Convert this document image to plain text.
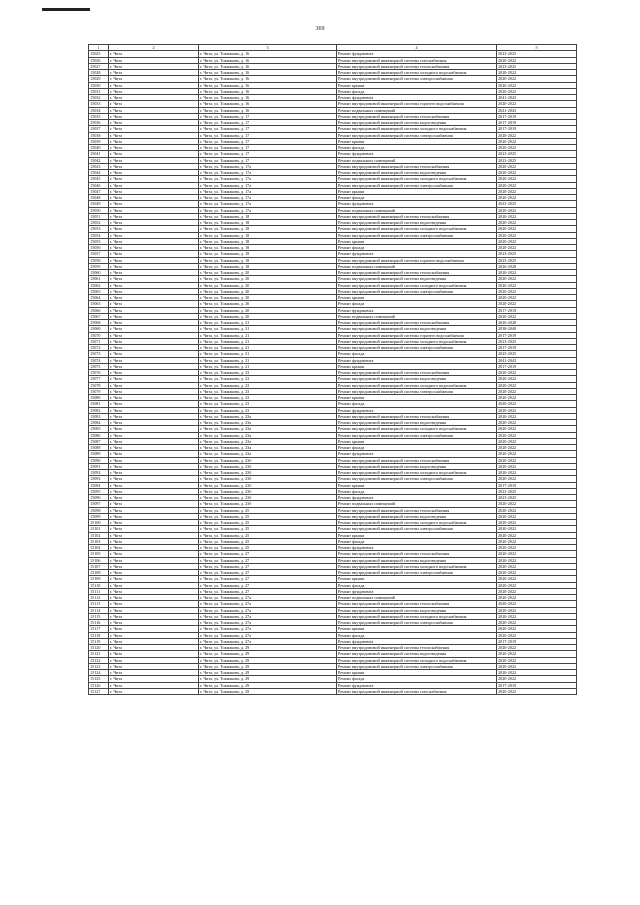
369
1	2	3	4	5
15025	г. Чита	г. Чита, ул. Токмакова, д. 16	Ремонт фундамента	2023-2025
15026	г. Чита	г. Чита, ул. Токмакова, д. 16	Ремонт внутридомовой инженерной системы газоснабжения	2020-2022
15027	г. Чита	г. Чита, ул. Токмакова, д. 16	Ремонт внутридомовой инженерной системы теплоснабжения	2023-2025
15028	г. Чита	г. Чита, ул. Токмакова, д. 16	Ремонт внутридомовой инженерной системы холодного водоснабжения	2020-2022
15029	г. Чита	г. Чита, ул. Токмакова, д. 16	Ремонт внутридомовой инженерной системы электроснабжения	2020-2022
15030	г. Чита	г. Чита, ул. Токмакова, д. 16	Ремонт крыши	2020-2022
15031	г. Чита	г. Чита, ул. Токмакова, д. 16	Ремонт фасада	2020-2022
15032	г. Чита	г. Чита, ул. Токмакова, д. 16	Ремонт фундамента	2041-2043
15033	г. Чита	г. Чита, ул. Токмакова, д. 16	Ремонт внутридомовой инженерной системы горячего водоснабжения	2020-2022
15034	г. Чита	г. Чита, ул. Токмакова, д. 16	Ремонт подвальных помещений	2041-2043
15035	г. Чита	г. Чита, ул. Токмакова, д. 17	Ремонт внутридомовой инженерной системы теплоснабжения	2017-2019
15036	г. Чита	г. Чита, ул. Токмакова, д. 17	Ремонт внутридомовой инженерной системы водоотведения	2017-2019
15037	г. Чита	г. Чита, ул. Токмакова, д. 17	Ремонт внутридомовой инженерной системы холодного водоснабжения	2017-2019
15038	г. Чита	г. Чита, ул. Токмакова, д. 17	Ремонт внутридомовой инженерной системы электроснабжения	2020-2022
15039	г. Чита	г. Чита, ул. Токмакова, д. 17	Ремонт крыши	2020-2022
15040	г. Чита	г. Чита, ул. Токмакова, д. 17	Ремонт фасада	2020-2022
15041	г. Чита	г. Чита, ул. Токмакова, д. 17	Ремонт фундамента	2023-2025
15042	г. Чита	г. Чита, ул. Токмакова, д. 17	Ремонт подвальных помещений	2023-2025
15043	г. Чита	г. Чита, ул. Токмакова, д. 17а	Ремонт внутридомовой инженерной системы теплоснабжения	2020-2022
15044	г. Чита	г. Чита, ул. Токмакова, д. 17а	Ремонт внутридомовой инженерной системы водоотведения	2020-2022
15045	г. Чита	г. Чита, ул. Токмакова, д. 17а	Ремонт внутридомовой инженерной системы холодного водоснабжения	2020-2022
15046	г. Чита	г. Чита, ул. Токмакова, д. 17а	Ремонт внутридомовой инженерной системы электроснабжения	2020-2022
15047	г. Чита	г. Чита, ул. Токмакова, д. 17а	Ремонт крыши	2020-2022
15048	г. Чита	г. Чита, ул. Токмакова, д. 17а	Ремонт фасада	2020-2022
15049	г. Чита	г. Чита, ул. Токмакова, д. 17а	Ремонт фундамента	2023-2025
15050	г. Чита	г. Чита, ул. Токмакова, д. 17а	Ремонт подвальных помещений	2020-2022
15051	г. Чита	г. Чита, ул. Токмакова, д. 18	Ремонт внутридомовой инженерной системы теплоснабжения	2020-2022
15052	г. Чита	г. Чита, ул. Токмакова, д. 18	Ремонт внутридомовой инженерной системы водоотведения	2020-2022
15053	г. Чита	г. Чита, ул. Токмакова, д. 18	Ремонт внутридомовой инженерной системы холодного водоснабжения	2020-2022
15054	г. Чита	г. Чита, ул. Токмакова, д. 18	Ремонт внутридомовой инженерной системы электроснабжения	2020-2022
15055	г. Чита	г. Чита, ул. Токмакова, д. 18	Ремонт крыши	2020-2022
15056	г. Чита	г. Чита, ул. Токмакова, д. 18	Ремонт фасада	2020-2022
15057	г. Чита	г. Чита, ул. Токмакова, д. 18	Ремонт фундамента	2023-2025
15058	г. Чита	г. Чита, ул. Токмакова, д. 18	Ремонт внутридомовой инженерной системы горячего водоснабжения	2023-2025
15059	г. Чита	г. Чита, ул. Токмакова, д. 18	Ремонт подвальных помещений	2026-2028
15060	г. Чита	г. Чита, ул. Токмакова, д. 20	Ремонт внутридомовой инженерной системы теплоснабжения	2020-2022
15061	г. Чита	г. Чита, ул. Токмакова, д. 20	Ремонт внутридомовой инженерной системы водоотведения	2020-2022
15062	г. Чита	г. Чита, ул. Токмакова, д. 20	Ремонт внутридомовой инженерной системы холодного водоснабжения	2020-2022
15063	г. Чита	г. Чита, ул. Токмакова, д. 20	Ремонт внутридомовой инженерной системы электроснабжения	2020-2022
15064	г. Чита	г. Чита, ул. Токмакова, д. 20	Ремонт крыши	2020-2022
15065	г. Чита	г. Чита, ул. Токмакова, д. 20	Ремонт фасада	2020-2022
15066	г. Чита	г. Чита, ул. Токмакова, д. 20	Ремонт фундамента	2017-2019
15067	г. Чита	г. Чита, ул. Токмакова, д. 20	Ремонт подвальных помещений	2020-2022
15068	г. Чита	г. Чита, ул. Токмакова, д. 21	Ремонт внутридомовой инженерной системы теплоснабжения	2026-2028
15069	г. Чита	г. Чита, ул. Токмакова, д. 21	Ремонт внутридомовой инженерной системы водоотведения	2038-2040
15070	г. Чита	г. Чита, ул. Токмакова, д. 21	Ремонт внутридомовой инженерной системы горячего водоснабжения	2017-2019
15071	г. Чита	г. Чита, ул. Токмакова, д. 21	Ремонт внутридомовой инженерной системы холодного водоснабжения	2023-2025
15072	г. Чита	г. Чита, ул. Токмакова, д. 21	Ремонт внутридомовой инженерной системы электроснабжения	2017-2019
15073	г. Чита	г. Чита, ул. Токмакова, д. 21	Ремонт фасада	2023-2025
15074	г. Чита	г. Чита, ул. Токмакова, д. 21	Ремонт фундамента	2041-2043
15075	г. Чита	г. Чита, ул. Токмакова, д. 21	Ремонт крыши	2017-2019
15076	г. Чита	г. Чита, ул. Токмакова, д. 23	Ремонт внутридомовой инженерной системы теплоснабжения	2020-2022
15077	г. Чита	г. Чита, ул. Токмакова, д. 23	Ремонт внутридомовой инженерной системы водоотведения	2020-2022
15078	г. Чита	г. Чита, ул. Токмакова, д. 23	Ремонт внутридомовой инженерной системы холодного водоснабжения	2020-2022
15079	г. Чита	г. Чита, ул. Токмакова, д. 23	Ремонт внутридомовой инженерной системы электроснабжения	2020-2022
15080	г. Чита	г. Чита, ул. Токмакова, д. 23	Ремонт крыши	2020-2022
15081	г. Чита	г. Чита, ул. Токмакова, д. 23	Ремонт фасада	2020-2022
15082	г. Чита	г. Чита, ул. Токмакова, д. 23	Ремонт фундамента	2020-2022
15083	г. Чита	г. Чита, ул. Токмакова, д. 23а	Ремонт внутридомовой инженерной системы теплоснабжения	2020-2022
15084	г. Чита	г. Чита, ул. Токмакова, д. 23а	Ремонт внутридомовой инженерной системы водоотведения	2020-2022
15085	г. Чита	г. Чита, ул. Токмакова, д. 23а	Ремонт внутридомовой инженерной системы холодного водоснабжения	2020-2022
15086	г. Чита	г. Чита, ул. Токмакова, д. 23а	Ремонт внутридомовой инженерной системы электроснабжения	2020-2022
15087	г. Чита	г. Чита, ул. Токмакова, д. 23а	Ремонт крыши	2020-2022
15088	г. Чита	г. Чита, ул. Токмакова, д. 23а	Ремонт фасада	2020-2022
15089	г. Чита	г. Чита, ул. Токмакова, д. 23а	Ремонт фундамента	2020-2022
15090	г. Чита	г. Чита, ул. Токмакова, д. 23б	Ремонт внутридомовой инженерной системы теплоснабжения	2020-2022
15091	г. Чита	г. Чита, ул. Токмакова, д. 23б	Ремонт внутридомовой инженерной системы водоотведения	2020-2022
15092	г. Чита	г. Чита, ул. Токмакова, д. 23б	Ремонт внутридомовой инженерной системы холодного водоснабжения	2020-2022
15093	г. Чита	г. Чита, ул. Токмакова, д. 23б	Ремонт внутридомовой инженерной системы электроснабжения	2020-2022
15094	г. Чита	г. Чита, ул. Токмакова, д. 23б	Ремонт крыши	2017-2019
15095	г. Чита	г. Чита, ул. Токмакова, д. 23б	Ремонт фасада	2023-2025
15096	г. Чита	г. Чита, ул. Токмакова, д. 23б	Ремонт фундамента	2023-2025
15097	г. Чита	г. Чита, ул. Токмакова, д. 23б	Ремонт подвальных помещений	2020-2022
15098	г. Чита	г. Чита, ул. Токмакова, д. 25	Ремонт внутридомовой инженерной системы теплоснабжения	2020-2022
15099	г. Чита	г. Чита, ул. Токмакова, д. 25	Ремонт внутридомовой инженерной системы водоотведения	2020-2022
15100	г. Чита	г. Чита, ул. Токмакова, д. 25	Ремонт внутридомовой инженерной системы холодного водоснабжения	2020-2022
15101	г. Чита	г. Чита, ул. Токмакова, д. 25	Ремонт внутридомовой инженерной системы электроснабжения	2020-2022
15102	г. Чита	г. Чита, ул. Токмакова, д. 25	Ремонт крыши	2020-2022
15103	г. Чита	г. Чита, ул. Токмакова, д. 25	Ремонт фасада	2020-2022
15104	г. Чита	г. Чита, ул. Токмакова, д. 25	Ремонт фундамента	2020-2022
15105	г. Чита	г. Чита, ул. Токмакова, д. 27	Ремонт внутридомовой инженерной системы теплоснабжения	2020-2022
15106	г. Чита	г. Чита, ул. Токмакова, д. 27	Ремонт внутридомовой инженерной системы водоотведения	2020-2022
15107	г. Чита	г. Чита, ул. Токмакова, д. 27	Ремонт внутридомовой инженерной системы холодного водоснабжения	2020-2022
15108	г. Чита	г. Чита, ул. Токмакова, д. 27	Ремонт внутридомовой инженерной системы электроснабжения	2020-2022
15109	г. Чита	г. Чита, ул. Токмакова, д. 27	Ремонт крыши	2020-2022
15110	г. Чита	г. Чита, ул. Токмакова, д. 27	Ремонт фасада	2020-2022
15111	г. Чита	г. Чита, ул. Токмакова, д. 27	Ремонт фундамента	2020-2022
15112	г. Чита	г. Чита, ул. Токмакова, д. 27а	Ремонт подвальных помещений	2020-2022
15113	г. Чита	г. Чита, ул. Токмакова, д. 27а	Ремонт внутридомовой инженерной системы теплоснабжения	2020-2022
15114	г. Чита	г. Чита, ул. Токмакова, д. 27а	Ремонт внутридомовой инженерной системы водоотведения	2020-2022
15115	г. Чита	г. Чита, ул. Токмакова, д. 27а	Ремонт внутридомовой инженерной системы холодного водоснабжения	2020-2022
15116	г. Чита	г. Чита, ул. Токмакова, д. 27а	Ремонт внутридомовой инженерной системы электроснабжения	2020-2022
15117	г. Чита	г. Чита, ул. Токмакова, д. 27а	Ремонт крыши	2020-2022
15118	г. Чита	г. Чита, ул. Токмакова, д. 27а	Ремонт фасада	2020-2022
15119	г. Чита	г. Чита, ул. Токмакова, д. 27а	Ремонт фундамента	2017-2019
15120	г. Чита	г. Чита, ул. Токмакова, д. 29	Ремонт внутридомовой инженерной системы теплоснабжения	2020-2022
15121	г. Чита	г. Чита, ул. Токмакова, д. 29	Ремонт внутридомовой инженерной системы водоотведения	2020-2022
15122	г. Чита	г. Чита, ул. Токмакова, д. 29	Ремонт внутридомовой инженерной системы холодного водоснабжения	2020-2022
15123	г. Чита	г. Чита, ул. Токмакова, д. 29	Ремонт внутридомовой инженерной системы электроснабжения	2020-2022
15124	г. Чита	г. Чита, ул. Токмакова, д. 29	Ремонт крыши	2020-2022
15125	г. Чита	г. Чита, ул. Токмакова, д. 29	Ремонт фасада	2020-2022
15126	г. Чита	г. Чита, ул. Токмакова, д. 29	Ремонт фундамента	2017-2019
15127	г. Чита	г. Чита, ул. Токмакова, д. 29	Ремонт внутридомовой инженерной системы газоснабжения	2020-2022
